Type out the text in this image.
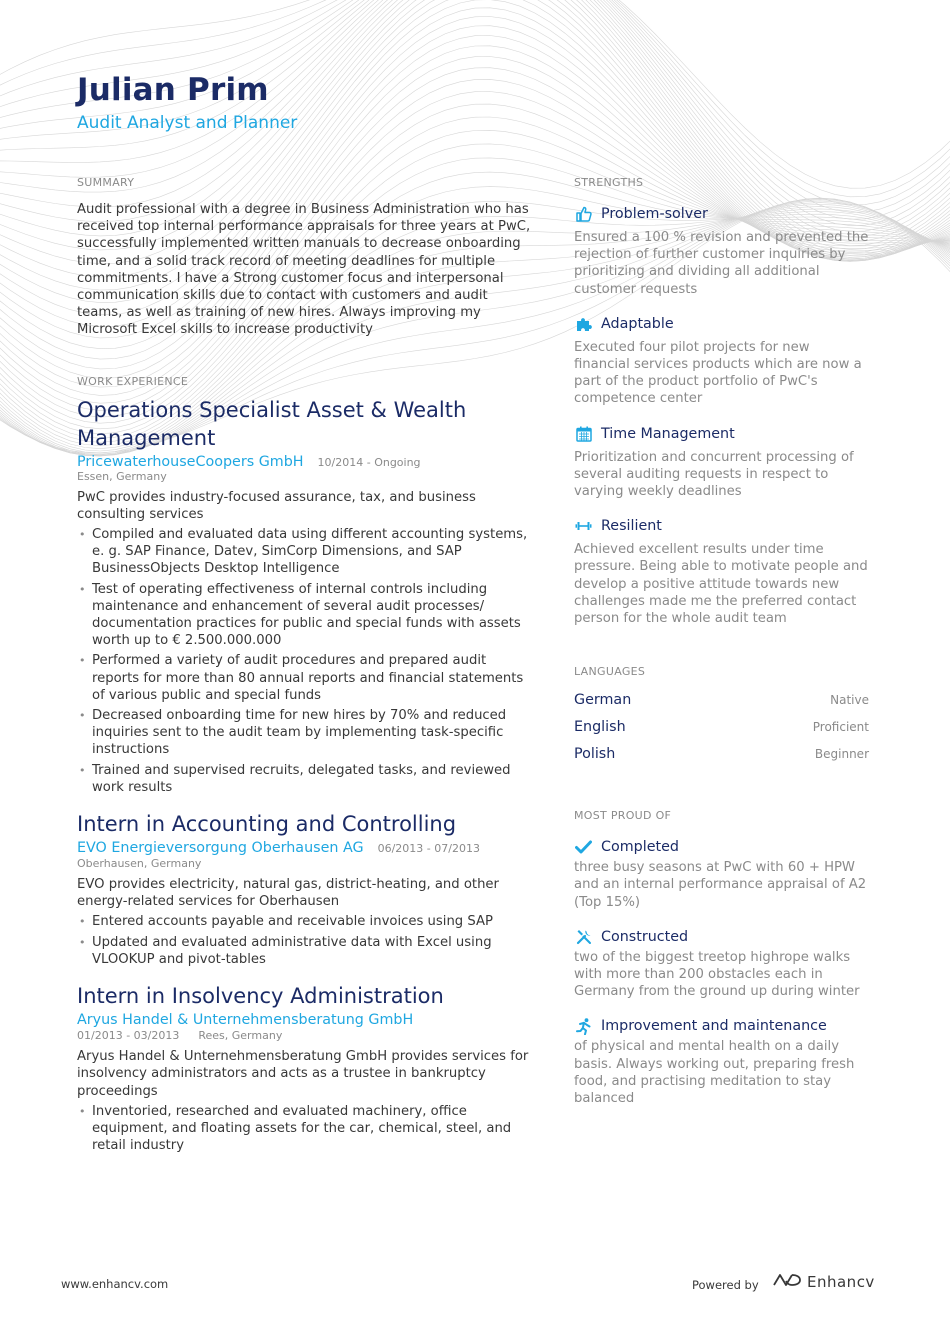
Julian Prim
Audit Analyst and Planner
SUMMARY

Audit professional with a degree in Business Administration who has received top internal performance appraisals for three years at PwC, successfully implemented written manuals to decrease onboarding time, and a solid track record of meeting deadlines for multiple commitments. I have a Strong customer focus and interpersonal communication skills due to contact with customers and audit teams, as well as training of new hires. Always improving my Microsoft Excel skills to increase productivity

WORK EXPERIENCE
Operations Specialist Asset & Wealth Management
PricewaterhouseCoopers GmbH 10/2014 - Ongoing
Essen, Germany

PwC provides industry-focused assurance, tax, and business consulting services

• Compiled and evaluated data using different accounting systems, e. g. SAP Finance, Datev, SimCorp Dimensions, and SAP BusinessObjects Desktop Intelligence
• Test of operating effectiveness of internal controls including maintenance and enhancement of several audit processes/ documentation practices for public and special funds with assets worth up to € 2.500.000.000
• Performed a variety of audit procedures and prepared audit reports for more than 80 annual reports and financial statements of various public and special funds
• Decreased onboarding time for new hires by 70% and reduced inquiries sent to the audit team by implementing task-specific instructions
• Trained and supervised recruits, delegated tasks, and reviewed work results
Intern in Accounting and Controlling
EVO Energieversorgung Oberhausen AG 06/2013 - 07/2013
Oberhausen, Germany

EVO provides electricity, natural gas, district-heating, and other energy-related services for Oberhausen

• Entered accounts payable and receivable invoices using SAP
• Updated and evaluated administrative data with Excel using VLOOKUP and pivot-tables
Intern in Insolvency Administration
Aryus Handel & Unternehmensberatung GmbH
01/2013 - 03/2013 Rees, Germany

Aryus Handel & Unternehmensberatung GmbH provides services for insolvency administrators and acts as a trustee in bankruptcy proceedings

• Inventoried, researched and evaluated machinery, office equipment, and floating assets for the car, chemical, steel, and retail industry
STRENGTHS
Problem-solver
Ensured a 100 % revision and prevented the rejection of further customer inquiries by prioritizing and dividing all additional customer requests
Adaptable
Executed four pilot projects for new financial services products which are now a part of the product portfolio of PwC's competence center
Time Management
Prioritization and concurrent processing of several auditing requests in respect to varying weekly deadlines
Resilient
Achieved excellent results under time pressure. Being able to motivate people and develop a positive attitude towards new challenges made me the preferred contact person for the whole audit team
LANGUAGES
German	Native
English	Proficient
Polish	Beginner
MOST PROUD OF
Completed
three busy seasons at PwC with 60 + HPW and an internal performance appraisal of A2 (Top 15%)
Constructed
two of the biggest treetop highrope walks with more than 200 obstacles each in Germany from the ground up during winter
Improvement and maintenance
of physical and mental health on a daily basis. Always working out, preparing fresh food, and practising meditation to stay balanced
www.enhancv.com	Powered by	Enhancv
